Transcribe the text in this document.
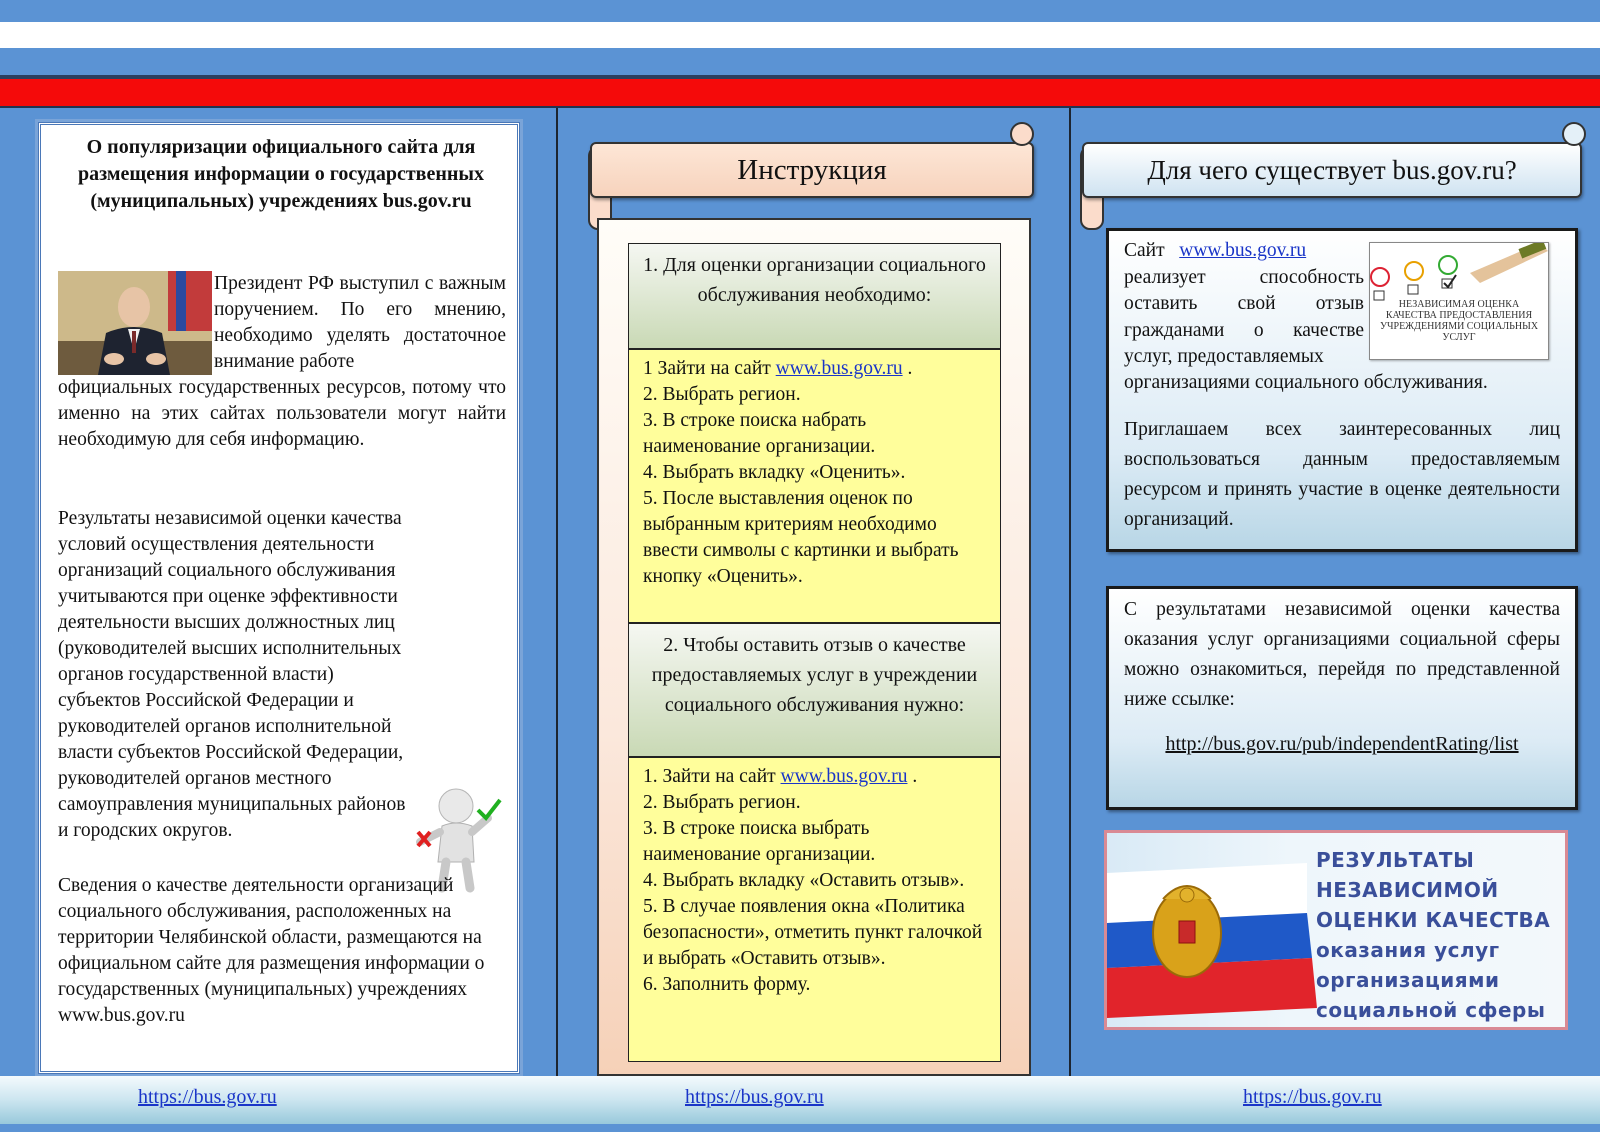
О популяризации официального сайта для размещения информации о государственных (муниципальных) учреждениях bus.gov.ru
Президент РФ выступил с важным поручением. По его мнению, необходимо уделять достаточное внимание работе
официальных государственных ресурсов, потому что именно на этих сайтах пользователи могут найти необходимую для себя информацию.
Результаты независимой оценки качества условий осуществления деятельности организаций социального обслуживания учитываются при оценке эффективности деятельности высших должностных лиц (руководителей высших исполнительных органов государственной власти) субъектов Российской Федерации и руководителей органов исполнительной власти субъектов Российской Федерации, руководителей органов местного самоуправления муниципальных районов и городских округов.
Сведения о качестве деятельности организаций социального обслуживания, расположенных на территории Челябинской области, размещаются на официальном сайте для размещения информации о государственных (муниципальных) учреждениях www.bus.gov.ru
Инструкция
1. Для оценки организации социального обслуживания необходимо:
1 Зайти на сайт www.bus.gov.ru .
2. Выбрать регион.
3. В строке поиска набрать наименование организации.
4. Выбрать вкладку «Оценить».
5. После выставления оценок по выбранным критериям необходимо ввести символы с картинки и выбрать кнопку «Оценить».
2. Чтобы оставить отзыв о качестве предоставляемых услуг в учреждении социального обслуживания нужно:
1. Зайти на сайт www.bus.gov.ru .
2. Выбрать регион.
3. В строке поиска выбрать наименование организации.
4. Выбрать вкладку «Оставить отзыв».
5. В случае появления окна «Политика безопасности», отметить пункт галочкой и выбрать «Оставить отзыв».
6. Заполнить форму.
Для чего существует bus.gov.ru?
Сайт www.bus.gov.ru
реализует способность оставить свой отзыв гражданами о качестве услуг, предоставляемых
организациями социального обслуживания.
НЕЗАВИСИМАЯ ОЦЕНКА КАЧЕСТВА ПРЕДОСТАВЛЕНИЯ УЧРЕЖДЕНИЯМИ СОЦИАЛЬНЫХ УСЛУГ
Приглашаем всех заинтересованных лиц воспользоваться данным предоставляемым ресурсом и принять участие в оценке деятельности организаций.
С результатами независимой оценки качества оказания услуг организациями социальной сферы можно ознакомиться, перейдя по представленной ниже ссылке:
http://bus.gov.ru/pub/independentRating/list
РЕЗУЛЬТАТЫ
НЕЗАВИСИМОЙ
ОЦЕНКИ КАЧЕСТВА
оказания услуг
организациями
социальной сферы
https://bus.gov.ru	https://bus.gov.ru	https://bus.gov.ru
